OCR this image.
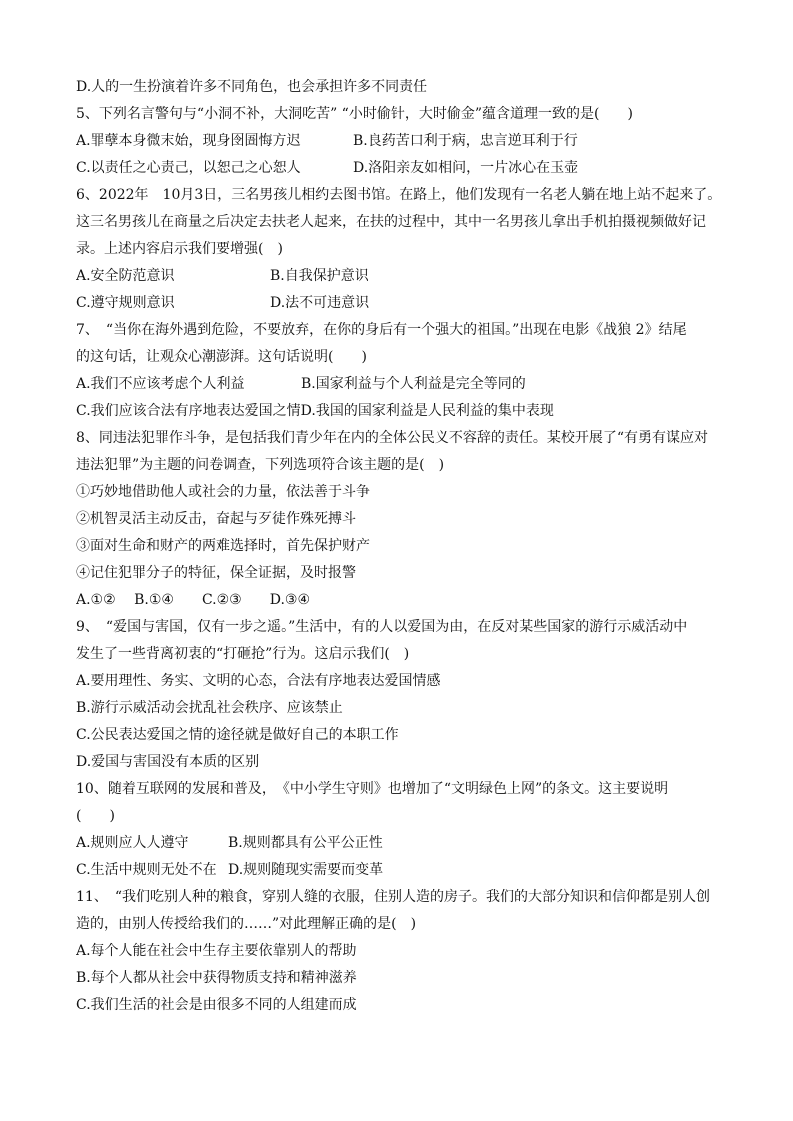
D.人的一生扮演着许多不同角色，也会承担许多不同责任
5、下列名言警句与“小洞不补，大洞吃苦” “小时偷针，大时偷金”蕴含道理一致的是(　　)
A.罪孽本身微末始，现身囹圄悔方迟	B.良药苦口利于病，忠言逆耳利于行
C.以责任之心责己，以恕己之心恕人	D.洛阳亲友如相问，一片冰心在玉壶
6、2022年　10月3日，三名男孩儿相约去图书馆。在路上，他们发现有一名老人躺在地上站不起来了。
这三名男孩儿在商量之后决定去扶老人起来，在扶的过程中，其中一名男孩儿拿出手机拍摄视频做好记
录。上述内容启示我们要增强(　)
A.安全防范意识	B.自我保护意识
C.遵守规则意识	D.法不可违意识
7、　“当你在海外遇到危险，不要放弃，在你的身后有一个强大的祖国。”出现在电影《战狼 2》结尾
的这句话，让观众心潮澎湃。这句话说明(　　)
A.我们不应该考虑个人利益	B.国家利益与个人利益是完全等同的
C.我们应该合法有序地表达爱国之情 D.我国的国家利益是人民利益的集中表现
8、同违法犯罪作斗争，是包括我们青少年在内的全体公民义不容辞的责任。某校开展了“有勇有谋应对
违法犯罪”为主题的问卷调查，下列选项符合该主题的是(　)
①巧妙地借助他人或社会的力量，依法善于斗争
②机智灵活主动反击，奋起与歹徒作殊死搏斗
③面对生命和财产的两难选择时，首先保护财产
④记住犯罪分子的特征，保全证据，及时报警
A.①②　 B.①④　　C.②③　　D.③④
9、　“爱国与害国，仅有一步之遥。”生活中，有的人以爱国为由，在反对某些国家的游行示威活动中
发生了一些背离初衷的“打砸抢”行为。这启示我们(　)
A.要用理性、务实、文明的心态，合法有序地表达爱国情感
B.游行示威活动会扰乱社会秩序、应该禁止
C.公民表达爱国之情的途径就是做好自己的本职工作
D.爱国与害国没有本质的区别
10、随着互联网的发展和普及，　《中小学生守则》也增加了“文明绿色上网”的条文。这主要说明
(　　)
A.规则应人人遵守	B.规则都具有公平公正性
C.生活中规则无处不在 D.规则随现实需要而变革
11、　“我们吃别人种的粮食，穿别人缝的衣服，住别人造的房子。我们的大部分知识和信仰都是别人创
造的，由别人传授给我们的……”对此理解正确的是(　)
A.每个人能在社会中生存主要依靠别人的帮助
B.每个人都从社会中获得物质支持和精神滋养
C.我们生活的社会是由很多不同的人组建而成
